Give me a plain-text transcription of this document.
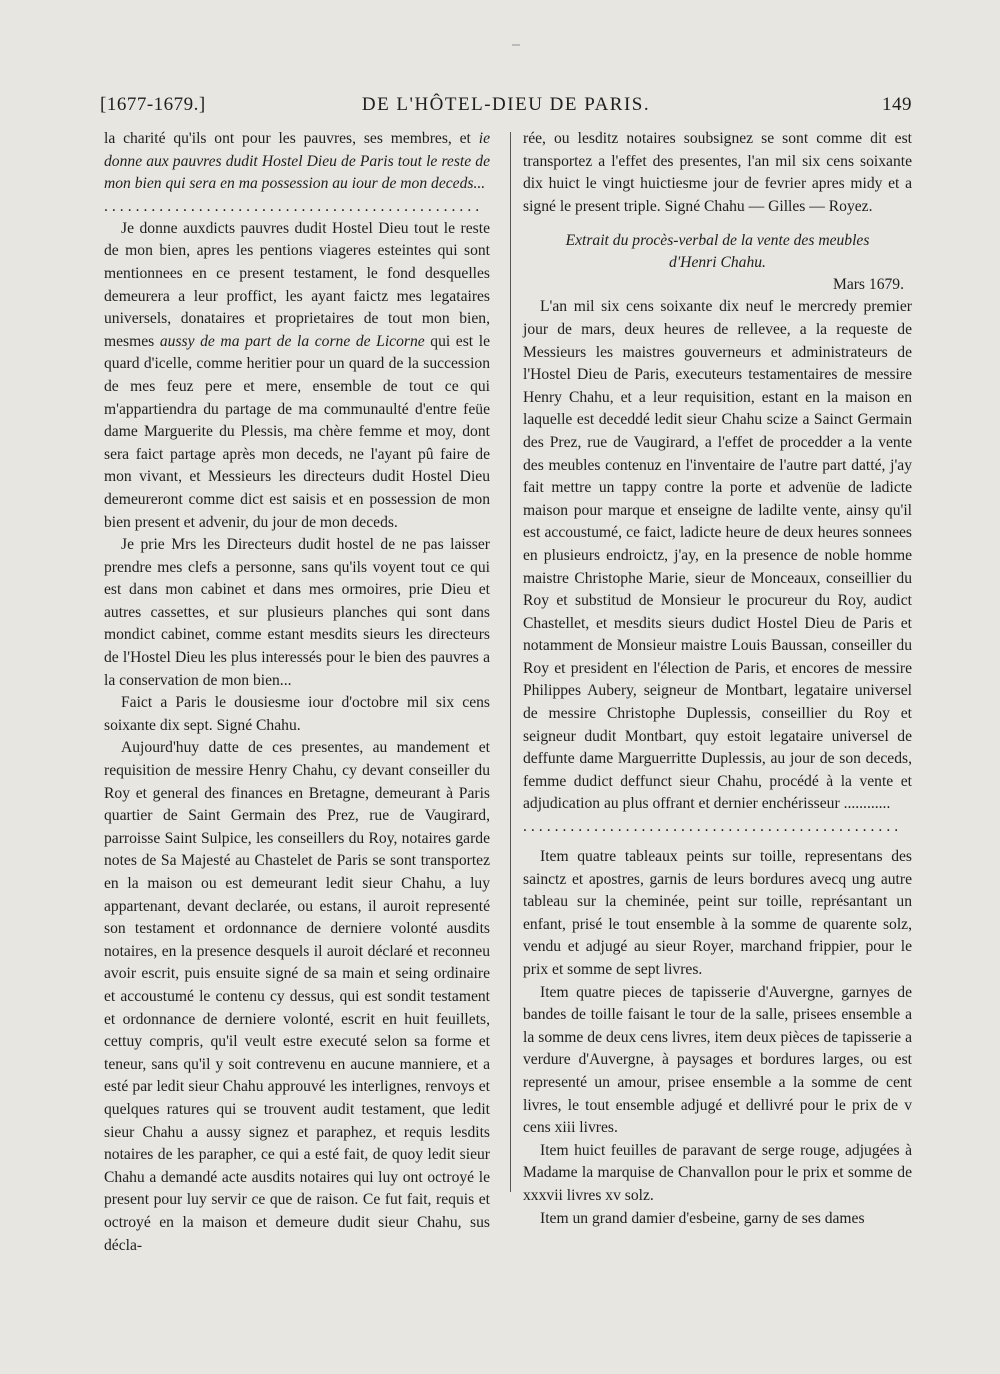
[1677-1679.]	DE L'HÔTEL-DIEU DE PARIS.	149

la charité qu'ils ont pour les pauvres, ses membres, et ie donne aux pauvres dudit Hostel Dieu de Paris tout le reste de mon bien qui sera en ma possession au iour de mon deceds...

................................................

Je donne auxdicts pauvres dudit Hostel Dieu tout le reste de mon bien, apres les pentions viageres esteintes qui sont mentionnees en ce present testament, le fond desquelles demeurera a leur proffict, les ayant faictz mes legataires universels, donataires et proprietaires de tout mon bien, mesmes aussy de ma part de la corne de Licorne qui est le quard d'icelle, comme heritier pour un quard de la succession de mes feuz pere et mere, ensemble de tout ce qui m'appartiendra du partage de ma communaulté d'entre feüe dame Marguerite du Plessis, ma chère femme et moy, dont sera faict partage après mon deceds, ne l'ayant pû faire de mon vivant, et Messieurs les directeurs dudit Hostel Dieu demeureront comme dict est saisis et en possession de mon bien present et advenir, du jour de mon deceds.

Je prie Mrs les Directeurs dudit hostel de ne pas laisser prendre mes clefs a personne, sans qu'ils voyent tout ce qui est dans mon cabinet et dans mes ormoires, prie Dieu et autres cassettes, et sur plusieurs planches qui sont dans mondict cabinet, comme estant mesdits sieurs les directeurs de l'Hostel Dieu les plus interessés pour le bien des pauvres a la conservation de mon bien...

Faict a Paris le dousiesme iour d'octobre mil six cens soixante dix sept. Signé Chahu.

Aujourd'huy datte de ces presentes, au mandement et requisition de messire Henry Chahu, cy devant conseiller du Roy et general des finances en Bretagne, demeurant à Paris quartier de Saint Germain des Prez, rue de Vaugirard, parroisse Saint Sulpice, les conseillers du Roy, notaires garde notes de Sa Majesté au Chastelet de Paris se sont transportez en la maison ou est demeurant ledit sieur Chahu, a luy appartenant, devant declarée, ou estans, il auroit representé son testament et ordonnance de derniere volonté ausdits notaires, en la presence desquels il auroit déclaré et reconneu avoir escrit, puis ensuite signé de sa main et seing ordinaire et accoustumé le contenu cy dessus, qui est sondit testament et ordonnance de derniere volonté, escrit en huit feuillets, cettuy compris, qu'il veult estre executé selon sa forme et teneur, sans qu'il y soit contrevenu en aucune manniere, et a esté par ledit sieur Chahu approuvé les interlignes, renvoys et quelques ratures qui se trouvent audit testament, que ledit sieur Chahu a aussy signez et paraphez, et requis lesdits notaires de les parapher, ce qui a esté fait, de quoy ledit sieur Chahu a demandé acte ausdits notaires qui luy ont octroyé le present pour luy servir ce que de raison. Ce fut fait, requis et octroyé en la maison et demeure dudit sieur Chahu, sus décla-

rée, ou lesditz notaires soubsignez se sont comme dit est transportez a l'effet des presentes, l'an mil six cens soixante dix huict le vingt huictiesme jour de fevrier apres midy et a signé le present triple. Signé Chahu — Gilles — Royez.

Extrait du procès-verbal de la vente des meubles
d'Henri Chahu.
Mars 1679.

L'an mil six cens soixante dix neuf le mercredy premier jour de mars, deux heures de rellevee, a la requeste de Messieurs les maistres gouverneurs et administrateurs de l'Hostel Dieu de Paris, executeurs testamentaires de messire Henry Chahu, et a leur requisition, estant en la maison en laquelle est deceddé ledit sieur Chahu scize a Sainct Germain des Prez, rue de Vaugirard, a l'effet de procedder a la vente des meubles contenuz en l'inventaire de l'autre part datté, j'ay fait mettre un tappy contre la porte et advenüe de ladicte maison pour marque et enseigne de ladilte vente, ainsy qu'il est accoustumé, ce faict, ladicte heure de deux heures sonnees en plusieurs endroictz, j'ay, en la presence de noble homme maistre Christophe Marie, sieur de Monceaux, conseillier du Roy et substitud de Monsieur le procureur du Roy, audict Chastellet, et mesdits sieurs dudict Hostel Dieu de Paris et notamment de Monsieur maistre Louis Baussan, conseiller du Roy et president en l'élection de Paris, et encores de messire Philippes Aubery, seigneur de Montbart, legataire universel de messire Christophe Duplessis, conseillier du Roy et seigneur dudit Montbart, quy estoit legataire universel de deffunte dame Marguerritte Duplessis, au jour de son deceds, femme dudict deffunct sieur Chahu, procédé à la vente et adjudication au plus offrant et dernier enchérisseur ............

................................................

Item quatre tableaux peints sur toille, representans des sainctz et apostres, garnis de leurs bordures avecq ung autre tableau sur la cheminée, peint sur toille, représantant un enfant, prisé le tout ensemble à la somme de quarente solz, vendu et adjugé au sieur Royer, marchand frippier, pour le prix et somme de sept livres.

Item quatre pieces de tapisserie d'Auvergne, garnyes de bandes de toille faisant le tour de la salle, prisees ensemble a la somme de deux cens livres, item deux pièces de tapisserie a verdure d'Auvergne, à paysages et bordures larges, ou est representé un amour, prisee ensemble a la somme de cent livres, le tout ensemble adjugé et dellivré pour le prix de v cens xiii livres.

Item huict feuilles de paravant de serge rouge, adjugées à Madame la marquise de Chanvallon pour le prix et somme de xxxvii livres xv solz.

Item un grand damier d'esbeine, garny de ses dames
